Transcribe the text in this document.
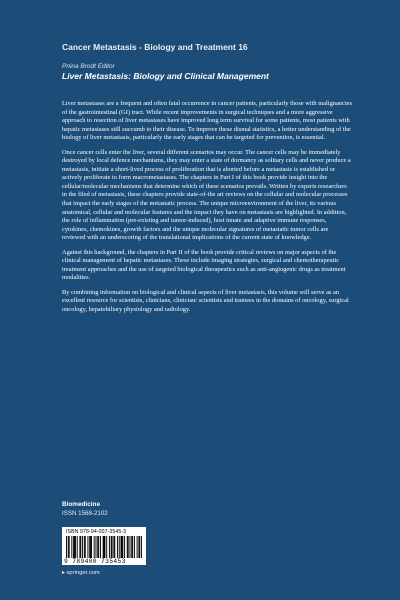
Cancer Metastasis - Biology and Treatment 16
Pnina Brodt Editor
Liver Metastasis: Biology and Clinical Management

Liver metastases are a frequent and often fatal occurrence in cancer patients, particularly those with malignancies of the gastrointestinal (GI) tract. While recent improvements in surgical techniques and a more aggressive approach to resection of liver metastases have improved long term survival for some patients, most patients with hepatic metastases still succumb to their disease. To improve these dismal statistics, a better understanding of the biology of liver metastasis, particularly the early stages that can be targeted for prevention, is essential.

Once cancer cells enter the liver, several different scenarios may occur. The cancer cells may be immediately destroyed by local defence mechanisms, they may enter a state of dormancy as solitary cells and never produce a metastasis, initiate a short-lived process of proliferation that is aborted before a metastasis is established or actively proliferate to form macrometastases. The chapters in Part I of this book provide insight into the cellular/molecular mechanisms that determine which of these scenarios prevails. Written by experts researchers in the filed of metastasis, these chapters provide state-of-the art reviews on the cellular and molecular processes that impact the early stages of the metastatic process. The unique microenvironment of the liver, its various anatomical, cellular and molecular features and the impact they have on metastasis are highlighted. In addition, the role of inflammation (pre-existing and tumor-induced), host innate and adaptive immune responses, cytokines, chemokines, growth factors and the unique molecular signatures of metastatic tumor cells are reviewed with an underscoring of the translational implications of the current state of knowledge.

Against this background, the chapters in Part II of the book provide critical reviews on major aspects of the clinical management of hepatic metastases. These include imaging strategies, surgical and chemotherapeutic treatment approaches and the use of targeted biological therapeutics such as anti-angiogenic drugs as treatment modalities.

By combining information on biological and clinical aspects of liver metastasis, this volume will serve as an excellent resource for scientists, clinicians, clinician/ scientists and trainees in the domains of oncology, surgical oncology, hepatobiliary physiology and radiology.

Biomedicine
ISSN 1568-2102
ISBN 978-94-007-3545-3
9 789400 735453
▸ springer.com
